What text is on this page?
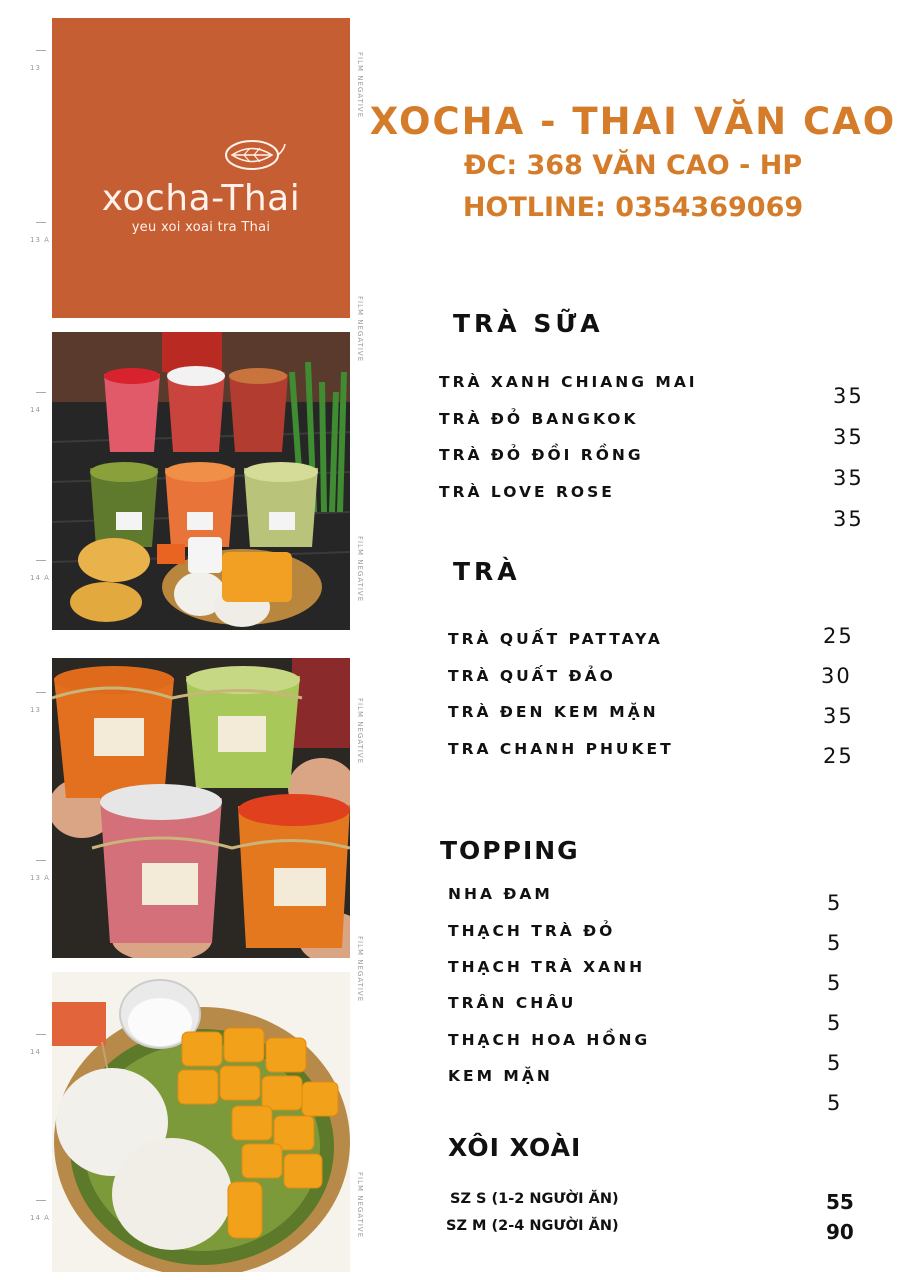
13
13 A
14
14 A
13
13 A
14
14 A
FILM NEGATIVE
FILM NEGATIVE
FILM NEGATIVE
FILM NEGATIVE
FILM NEGATIVE
FILM NEGATIVE
xocha-Thai
yeu xoi xoai tra Thai
XOCHA - THAI VĂN CAO
ĐC: 368 VĂN CAO - HP
HOTLINE: 0354369069
TRÀ SỮA
TRÀ XANH CHIANG MAI
TRÀ ĐỎ BANGKOK
TRÀ ĐỎ ĐỒI RỒNG
TRÀ LOVE ROSE
35
35
35
35
TRÀ
TRÀ QUẤT PATTAYA
TRÀ QUẤT ĐẢO
TRÀ ĐEN KEM MẶN
TRA CHANH PHUKET
25
30
35
25
TOPPING
NHA ĐAM
THẠCH TRÀ ĐỎ
THẠCH TRÀ XANH
TRÂN CHÂU
THẠCH HOA HỒNG
KEM MẶN
5
5
5
5
5
5
XÔI XOÀI
SZ S (1-2 NGƯỜI ĂN)
SZ M (2-4 NGƯỜI ĂN)
55
90
